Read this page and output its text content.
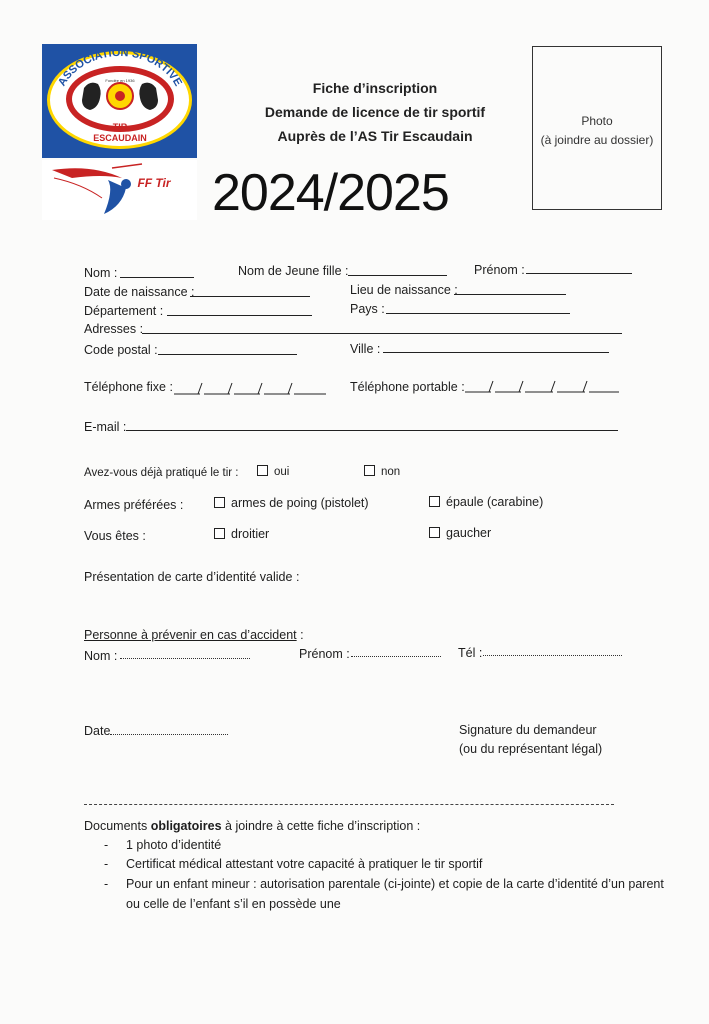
ASSOCIATION SPORTIVE
Fondée en 1936
TIR
ESCAUDAIN
FF Tir
Fiche d’inscription
Demande de licence de tir sportif
Auprès de l’AS Tir Escaudain
2024/2025
Photo
(à joindre au dossier)
Nom :	Nom de Jeune fille :	Prénom :
Date de naissance :	Lieu de naissance :
Département :	Pays :
Adresses :
Code postal :	Ville :
Téléphone fixe :	Téléphone portable :
E-mail :
Avez-vous déjà pratiqué le tir :	oui	non
Armes préférées :	armes de poing (pistolet)	épaule (carabine)
Vous êtes :	droitier	gaucher
Présentation de carte d’identité valide :
Personne à prévenir en cas d’accident :
Nom :	Prénom :	Tél :
Date	Signature du demandeur
(ou du représentant légal)
Documents obligatoires à joindre à cette fiche d’inscription :
- 1 photo d’identité
- Certificat médical attestant votre capacité à pratiquer le tir sportif
- Pour un enfant mineur : autorisation parentale (ci-jointe) et copie de la carte d’identité d’un parent
ou celle de l’enfant s’il en possède une
